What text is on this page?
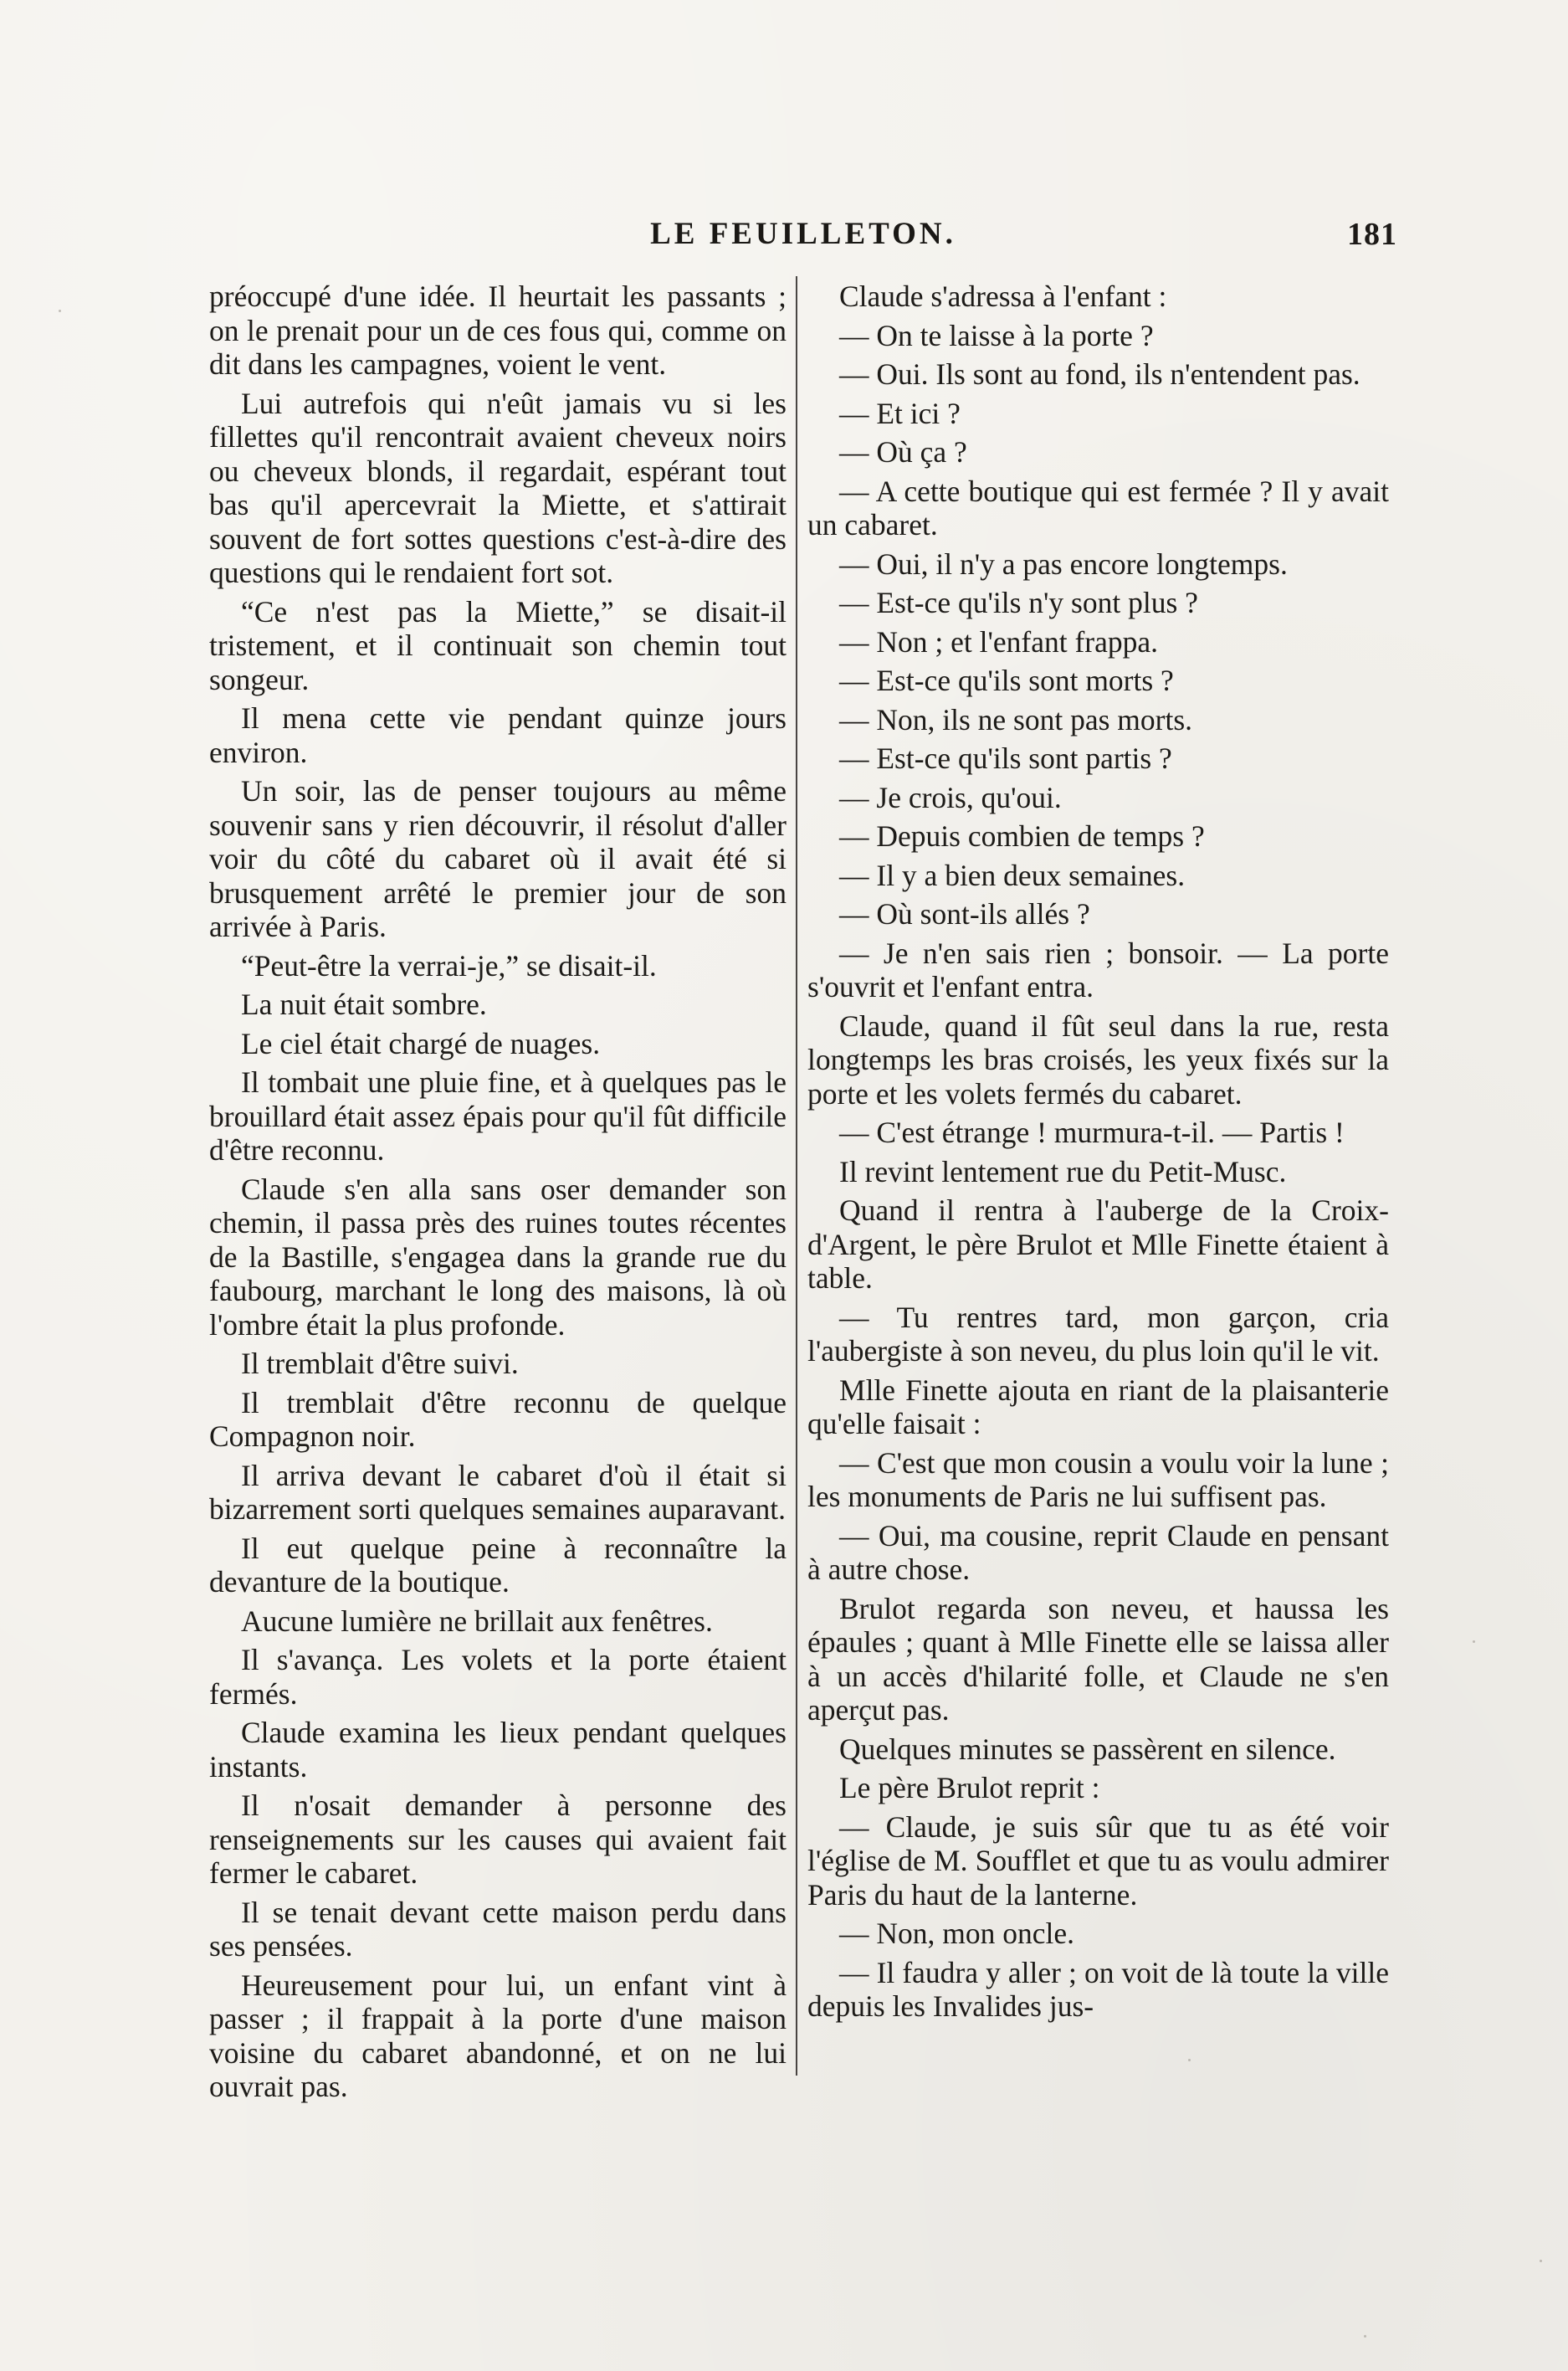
LE FEUILLETON.	181

préoccupé d'une idée. Il heurtait les passants ; on le prenait pour un de ces fous qui, comme on dit dans les campagnes, voient le vent.

Lui autrefois qui n'eût jamais vu si les fillettes qu'il rencontrait avaient cheveux noirs ou cheveux blonds, il regardait, espérant tout bas qu'il apercevrait la Miette, et s'attirait souvent de fort sottes questions c'est-à-dire des questions qui le rendaient fort sot.

“Ce n'est pas la Miette,” se disait-il tristement, et il continuait son chemin tout songeur.

Il mena cette vie pendant quinze jours environ.

Un soir, las de penser toujours au même souvenir sans y rien découvrir, il résolut d'aller voir du côté du cabaret où il avait été si brusquement arrêté le premier jour de son arrivée à Paris.

“Peut-être la verrai-je,” se disait-il.

La nuit était sombre.

Le ciel était chargé de nuages.

Il tombait une pluie fine, et à quelques pas le brouillard était assez épais pour qu'il fût difficile d'être reconnu.

Claude s'en alla sans oser demander son chemin, il passa près des ruines toutes récentes de la Bastille, s'engagea dans la grande rue du faubourg, marchant le long des maisons, là où l'ombre était la plus profonde.

Il tremblait d'être suivi.

Il tremblait d'être reconnu de quelque Compagnon noir.

Il arriva devant le cabaret d'où il était si bizarrement sorti quelques semaines auparavant.

Il eut quelque peine à reconnaître la devanture de la boutique.

Aucune lumière ne brillait aux fenêtres.

Il s'avança. Les volets et la porte étaient fermés.

Claude examina les lieux pendant quelques instants.

Il n'osait demander à personne des renseignements sur les causes qui avaient fait fermer le cabaret.

Il se tenait devant cette maison perdu dans ses pensées.

Heureusement pour lui, un enfant vint à passer ; il frappait à la porte d'une maison voisine du cabaret abandonné, et on ne lui ouvrait pas.

Claude s'adressa à l'enfant :

— On te laisse à la porte ?

— Oui. Ils sont au fond, ils n'entendent pas.

— Et ici ?

— Où ça ?

— A cette boutique qui est fermée ? Il y avait un cabaret.

— Oui, il n'y a pas encore longtemps.

— Est-ce qu'ils n'y sont plus ?

— Non ; et l'enfant frappa.

— Est-ce qu'ils sont morts ?

— Non, ils ne sont pas morts.

— Est-ce qu'ils sont partis ?

— Je crois, qu'oui.

— Depuis combien de temps ?

— Il y a bien deux semaines.

— Où sont-ils allés ?

— Je n'en sais rien ; bonsoir. — La porte s'ouvrit et l'enfant entra.

Claude, quand il fût seul dans la rue, resta longtemps les bras croisés, les yeux fixés sur la porte et les volets fermés du cabaret.

— C'est étrange ! murmura-t-il. — Partis !

Il revint lentement rue du Petit-Musc.

Quand il rentra à l'auberge de la Croix-d'Argent, le père Brulot et Mlle Finette étaient à table.

— Tu rentres tard, mon garçon, cria l'aubergiste à son neveu, du plus loin qu'il le vit.

Mlle Finette ajouta en riant de la plaisanterie qu'elle faisait :

— C'est que mon cousin a voulu voir la lune ; les monuments de Paris ne lui suffisent pas.

— Oui, ma cousine, reprit Claude en pensant à autre chose.

Brulot regarda son neveu, et haussa les épaules ; quant à Mlle Finette elle se laissa aller à un accès d'hilarité folle, et Claude ne s'en aperçut pas.

Quelques minutes se passèrent en silence.

Le père Brulot reprit :

— Claude, je suis sûr que tu as été voir l'église de M. Soufflet et que tu as voulu admirer Paris du haut de la lanterne.

— Non, mon oncle.

— Il faudra y aller ; on voit de là toute la ville depuis les Invalides jus-
